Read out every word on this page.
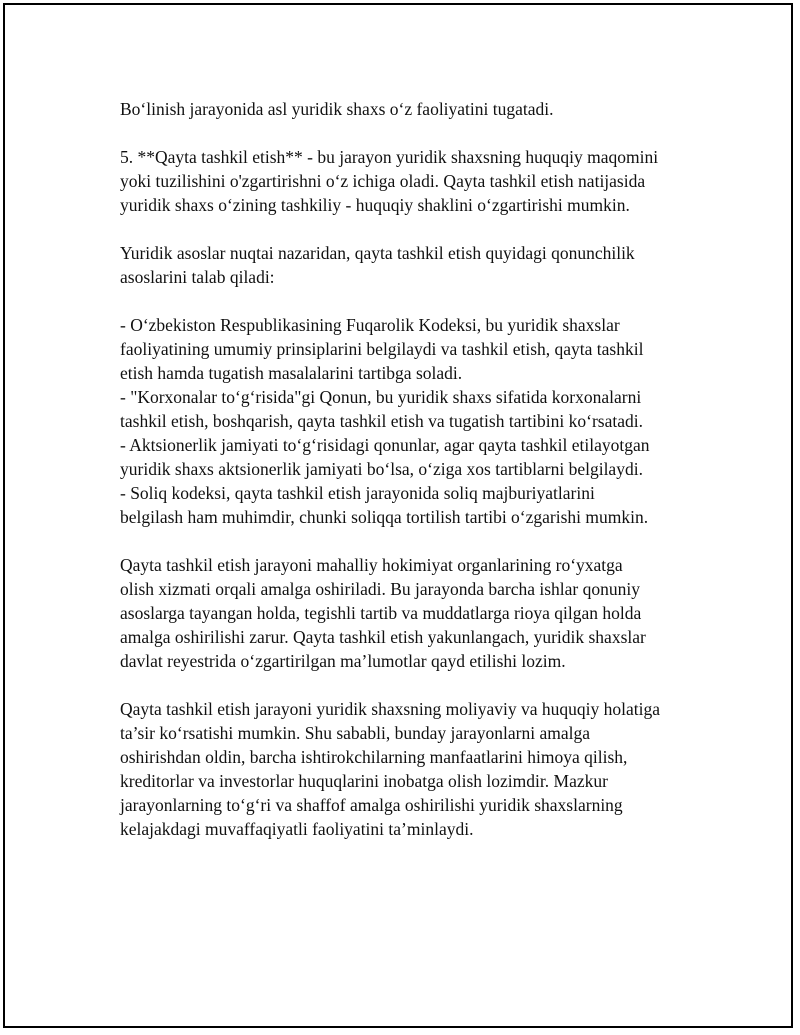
Bo‘linish jarayonida asl yuridik shaxs o‘z faoliyatini tugatadi.

5. **Qayta tashkil etish** - bu jarayon yuridik shaxsning huquqiy maqomini
yoki tuzilishini o'zgartirishni o‘z ichiga oladi. Qayta tashkil etish natijasida
yuridik shaxs o‘zining tashkiliy - huquqiy shaklini o‘zgartirishi mumkin.

Yuridik asoslar nuqtai nazaridan, qayta tashkil etish quyidagi qonunchilik
asoslarini talab qiladi:

- O‘zbekiston Respublikasining Fuqarolik Kodeksi, bu yuridik shaxslar
faoliyatining umumiy prinsiplarini belgilaydi va tashkil etish, qayta tashkil
etish hamda tugatish masalalarini tartibga soladi.
- "Korxonalar to‘g‘risida"gi Qonun, bu yuridik shaxs sifatida korxonalarni
tashkil etish, boshqarish, qayta tashkil etish va tugatish tartibini ko‘rsatadi.
- Aktsionerlik jamiyati to‘g‘risidagi qonunlar, agar qayta tashkil etilayotgan
yuridik shaxs aktsionerlik jamiyati bo‘lsa, o‘ziga xos tartiblarni belgilaydi.
- Soliq kodeksi, qayta tashkil etish jarayonida soliq majburiyatlarini
belgilash ham muhimdir, chunki soliqqa tortilish tartibi o‘zgarishi mumkin.

Qayta tashkil etish jarayoni mahalliy hokimiyat organlarining ro‘yxatga
olish xizmati orqali amalga oshiriladi. Bu jarayonda barcha ishlar qonuniy
asoslarga tayangan holda, tegishli tartib va muddatlarga rioya qilgan holda
amalga oshirilishi zarur. Qayta tashkil etish yakunlangach, yuridik shaxslar
davlat reyestrida o‘zgartirilgan ma’lumotlar qayd etilishi lozim.

Qayta tashkil etish jarayoni yuridik shaxsning moliyaviy va huquqiy holatiga
ta’sir ko‘rsatishi mumkin. Shu sababli, bunday jarayonlarni amalga
oshirishdan oldin, barcha ishtirokchilarning manfaatlarini himoya qilish,
kreditorlar va investorlar huquqlarini inobatga olish lozimdir. Mazkur
jarayonlarning to‘g‘ri va shaffof amalga oshirilishi yuridik shaxslarning
kelajakdagi muvaffaqiyatli faoliyatini ta’minlaydi.
